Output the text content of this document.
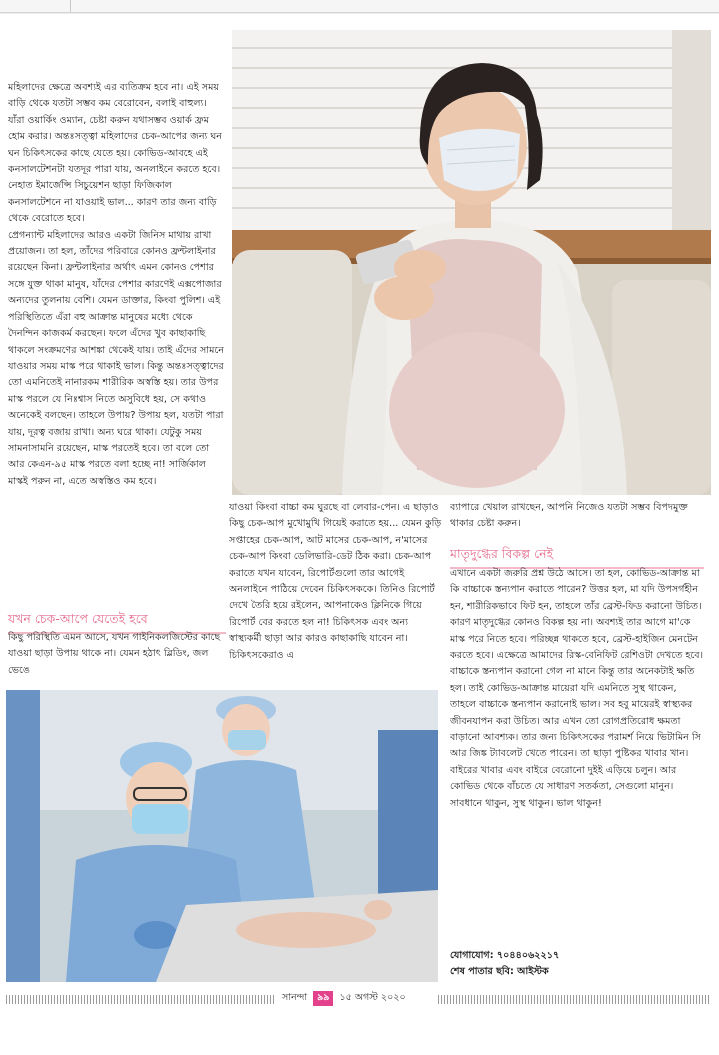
মহিলাদের ক্ষেত্রে অবশ্যই এর ব্যতিক্রম হবে না। এই সময় বাড়ি থেকে যতটা সম্ভব কম বেরোবেন, বলাই বাহুল্য। যাঁরা ওয়ার্কিং ওম্যান, চেষ্টা করুন যথাসম্ভব ওয়ার্ক ফ্রম হোম করার। অন্তঃসত্ত্বা মহিলাদের চেক-আপের জন্য ঘন ঘন চিকিৎসকের কাছে যেতে হয়। কোভিড-আবহে এই কনসালটেশনটা যতদূর পারা যায়, অনলাইনে করতে হবে। নেহাত ইমার্জেন্সি সিচুয়েশন ছাড়া ফিজিকাল কনসালটেশনে না যাওয়াই ভাল... কারণ তার জন্য বাড়ি থেকে বেরোতে হবে।
প্রেগন্যান্ট মহিলাদের আরও একটা জিনিস মাথায় রাখা প্রয়োজন। তা হল, তাঁদের পরিবারে কোনও ফ্রন্টলাইনার রয়েছেন কিনা। ফ্রন্টলাইনার অর্থাৎ এমন কোনও পেশার সঙ্গে যুক্ত থাকা মানুষ, যাঁদের পেশার কারণেই এক্সপোজার অন্যদের তুলনায় বেশি। যেমন ডাক্তার, কিংবা পুলিশ। এই পরিস্থিতিতে এঁরা বহু আক্রান্ত মানুষের মধ্যে থেকে দৈনন্দিন কাজকর্ম করছেন। ফলে এঁদের খুব কাছাকাছি থাকলে সংক্রমণের আশঙ্কা থেকেই যায়। তাই এঁদের সামনে যাওয়ার সময় মাস্ক পরে থাকাই ভাল। কিন্তু অন্তঃসত্ত্বাদের তো এমনিতেই নানারকম শারীরিক অস্বস্তি হয়। তার উপর মাস্ক পরলে যে নিঃশ্বাস নিতে অসুবিধে হয়, সে কথাও অনেকেই বলছেন। তাহলে উপায়? উপায় হল, যতটা পারা যায়, দূরত্ব বজায় রাখা। অন্য ঘরে থাকা। যেটুকু সময় সামনাসামনি রয়েছেন, মাস্ক পরতেই হবে। তা বলে তো আর কেএন-৯৫ মাস্ক পরতে বলা হচ্ছে না! সার্জিকাল মাস্কই পরুন না, এতে অস্বস্তিও কম হবে।
যখন চেক-আপে যেতেই হবে
কিছু পরিস্থিতি এমন আসে, যখন গাইনিকলজিস্টের কাছে যাওয়া ছাড়া উপায় থাকে না। যেমন হঠাৎ ব্লিডিং, জল ভেঙে
যাওয়া কিংবা বাচ্চা কম ঘুরছে বা লেবার-পেন। এ ছাড়াও কিছু চেক-আপ মুখোমুখি গিয়েই করাতে হয়... যেমন কুড়ি সপ্তাহের চেক-আপ, আট মাসের চেক-আপ, ন'মাসের চেক-আপ কিংবা ডেলিভারি-ডেট ঠিক করা। চেক-আপ করাতে যখন যাবেন, রিপোর্টগুলো তার আগেই অনলাইনে পাঠিয়ে দেবেন চিকিৎসককে। তিনিও রিপোর্ট দেখে তৈরি হয়ে রইলেন, আপনাকেও ক্লিনিকে গিয়ে রিপোর্ট বের করতে হল না! চিকিৎসক এবং অন্য স্বাস্থ্যকর্মী ছাড়া আর কারও কাছাকাছি যাবেন না। চিকিৎসকেরাও এ
ব্যাপারে খেয়াল রাখছেন, আপনি নিজেও যতটা সম্ভব বিপদমুক্ত থাকার চেষ্টা করুন।
মাতৃদুগ্ধের বিকল্প নেই
এখানে একটা জরুরি প্রশ্ন উঠে আসে। তা হল, কোভিড-আক্রান্ত মা কি বাচ্চাকে স্তন্যপান করাতে পারেন? উত্তর হল, মা যদি উপসর্গহীন হন, শারীরিকভাবে ফিট হন, তাহলে তাঁর ব্রেস্ট-ফিড করানো উচিত। কারণ মাতৃদুগ্ধের কোনও বিকল্প হয় না। অবশ্যই তার আগে মা'কে মাস্ক পরে নিতে হবে। পরিচ্ছন্ন থাকতে হবে, ব্রেস্ট-হাইজিন মেনটেন করতে হবে। এক্ষেত্রে আমাদের রিস্ক-বেনিফিট রেশিওটা দেখতে হবে। বাচ্চাকে স্তন্যপান করানো গেল না মানে কিন্তু তার অনেকটাই ক্ষতি হল। তাই কোভিড-আক্রান্ত মায়েরা যদি এমনিতে সুস্থ থাকেন, তাহলে বাচ্চাকে স্তন্যপান করানোই ভাল। সব হবু মায়েরই স্বাস্থ্যকর জীবনযাপন করা উচিত। আর এখন তো রোগপ্রতিরোধ ক্ষমতা বাড়ানো আবশ্যক। তার জন্য চিকিৎসকের পরামর্শ নিয়ে ভিটামিন সি আর জিঙ্ক ট্যাবলেট খেতে পারেন। তা ছাড়া পুষ্টিকর খাবার খান। বাইরের খাবার এবং বাইরে বেরোনো দুইই এড়িয়ে চলুন। আর কোভিড থেকে বাঁচতে যে সাধারণ সতর্কতা, সেগুলো মানুন। সাবধানে থাকুন, সুস্থ থাকুন। ভাল থাকুন!
যোগাযোগ: ৭০৪৪০৬২২১৭
শেষ পাতার ছবি: আইস্টক
সানন্দা ৯৯ ১৫ অগস্ট ২০২০
